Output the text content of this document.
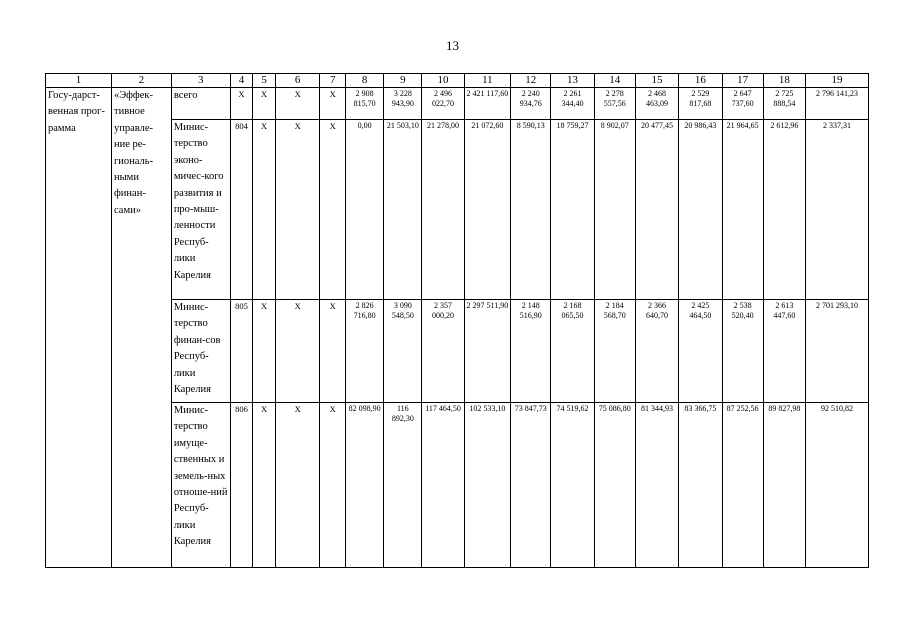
13
1	2	3	4	5	6	7	8	9	10	11	12	13	14	15	16	17	18	19
Госу-дарст-венная прог-рамма	«Эффек-тивное управле-ние ре-гиональ-ными финан-сами»	всего	X	X	X	X	2 908 815,70	3 228 943,90	2 496 022,70	2 421 117,60	2 240 934,76	2 261 344,40	2 278 557,56	2 468 463,09	2 529 817,68	2 647 737,60	2 725 888,54	2 796 141,23
		Минис-терство эконо-мичес-кого развития и про-мыш-ленности Респуб-лики Карелия	804	X	X	X	0,00	21 503,10	21 278,00	21 072,60	8 590,13	18 759,27	8 902,07	20 477,45	20 986,43	21 964,65	2 612,96	2 337,31
		Минис-терство финан-сов Респуб-лики Карелия	805	X	X	X	2 826 716,80	3 090 548,50	2 357 000,20	2 297 511,90	2 148 516,90	2 168 065,50	2 184 568,70	2 366 640,70	2 425 464,50	2 538 520,40	2 613 447,60	2 701 293,10
		Минис-терство имуще-ственных и земель-ных отноше-ний Респуб-лики Карелия	806	X	X	X	82 098,90	116 892,30	117 464,50	102 533,10	73 847,73	74 519,62	75 086,80	81 344,93	83 366,75	87 252,56	89 827,98	92 510,82
